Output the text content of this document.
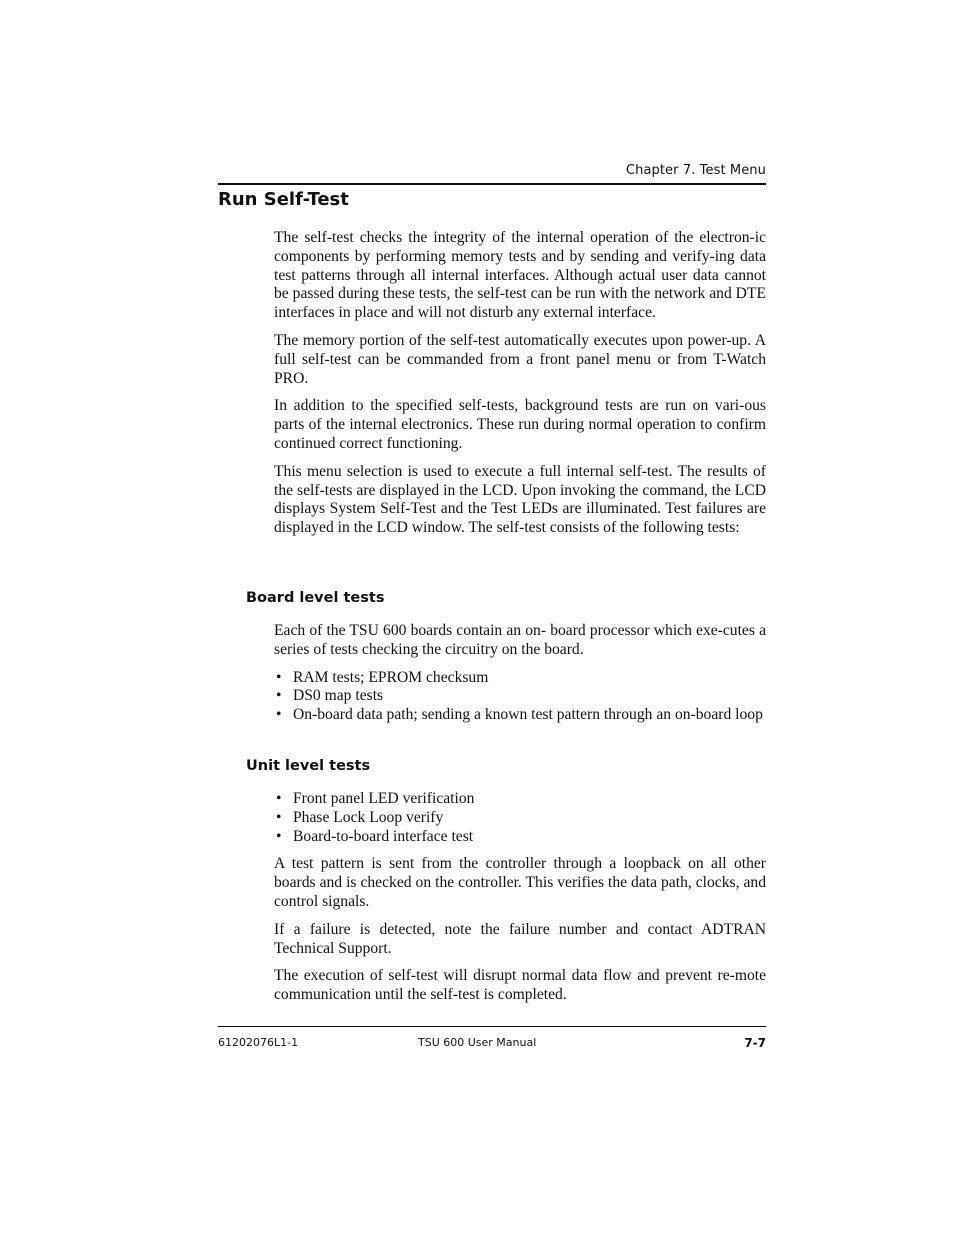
Chapter 7. Test Menu
Run Self-Test

The self-test checks the integrity of the internal operation of the electron-ic components by performing memory tests and by sending and verify-ing data test patterns through all internal interfaces. Although actual user data cannot be passed during these tests, the self-test can be run with the network and DTE interfaces in place and will not disturb any external interface.

The memory portion of the self-test automatically executes upon power-up. A full self-test can be commanded from a front panel menu or from T-Watch PRO.

In addition to the specified self-tests, background tests are run on vari-ous parts of the internal electronics. These run during normal operation to confirm continued correct functioning.

This menu selection is used to execute a full internal self-test. The results of the self-tests are displayed in the LCD. Upon invoking the command, the LCD displays System Self-Test and the Test LEDs are illuminated. Test failures are displayed in the LCD window. The self-test consists of the following tests:

Board level tests

Each of the TSU 600 boards contain an on- board processor which exe-cutes a series of tests checking the circuitry on the board.

• RAM tests; EPROM checksum
• DS0 map tests
• On-board data path; sending a known test pattern through an on-board loop
Unit level tests
• Front panel LED verification
• Phase Lock Loop verify
• Board-to-board interface test

A test pattern is sent from the controller through a loopback on all other boards and is checked on the controller. This verifies the data path, clocks, and control signals.

If a failure is detected, note the failure number and contact ADTRAN Technical Support.

The execution of self-test will disrupt normal data flow and prevent re-mote communication until the self-test is completed.

61202076L1-1	TSU 600 User Manual	7-7
